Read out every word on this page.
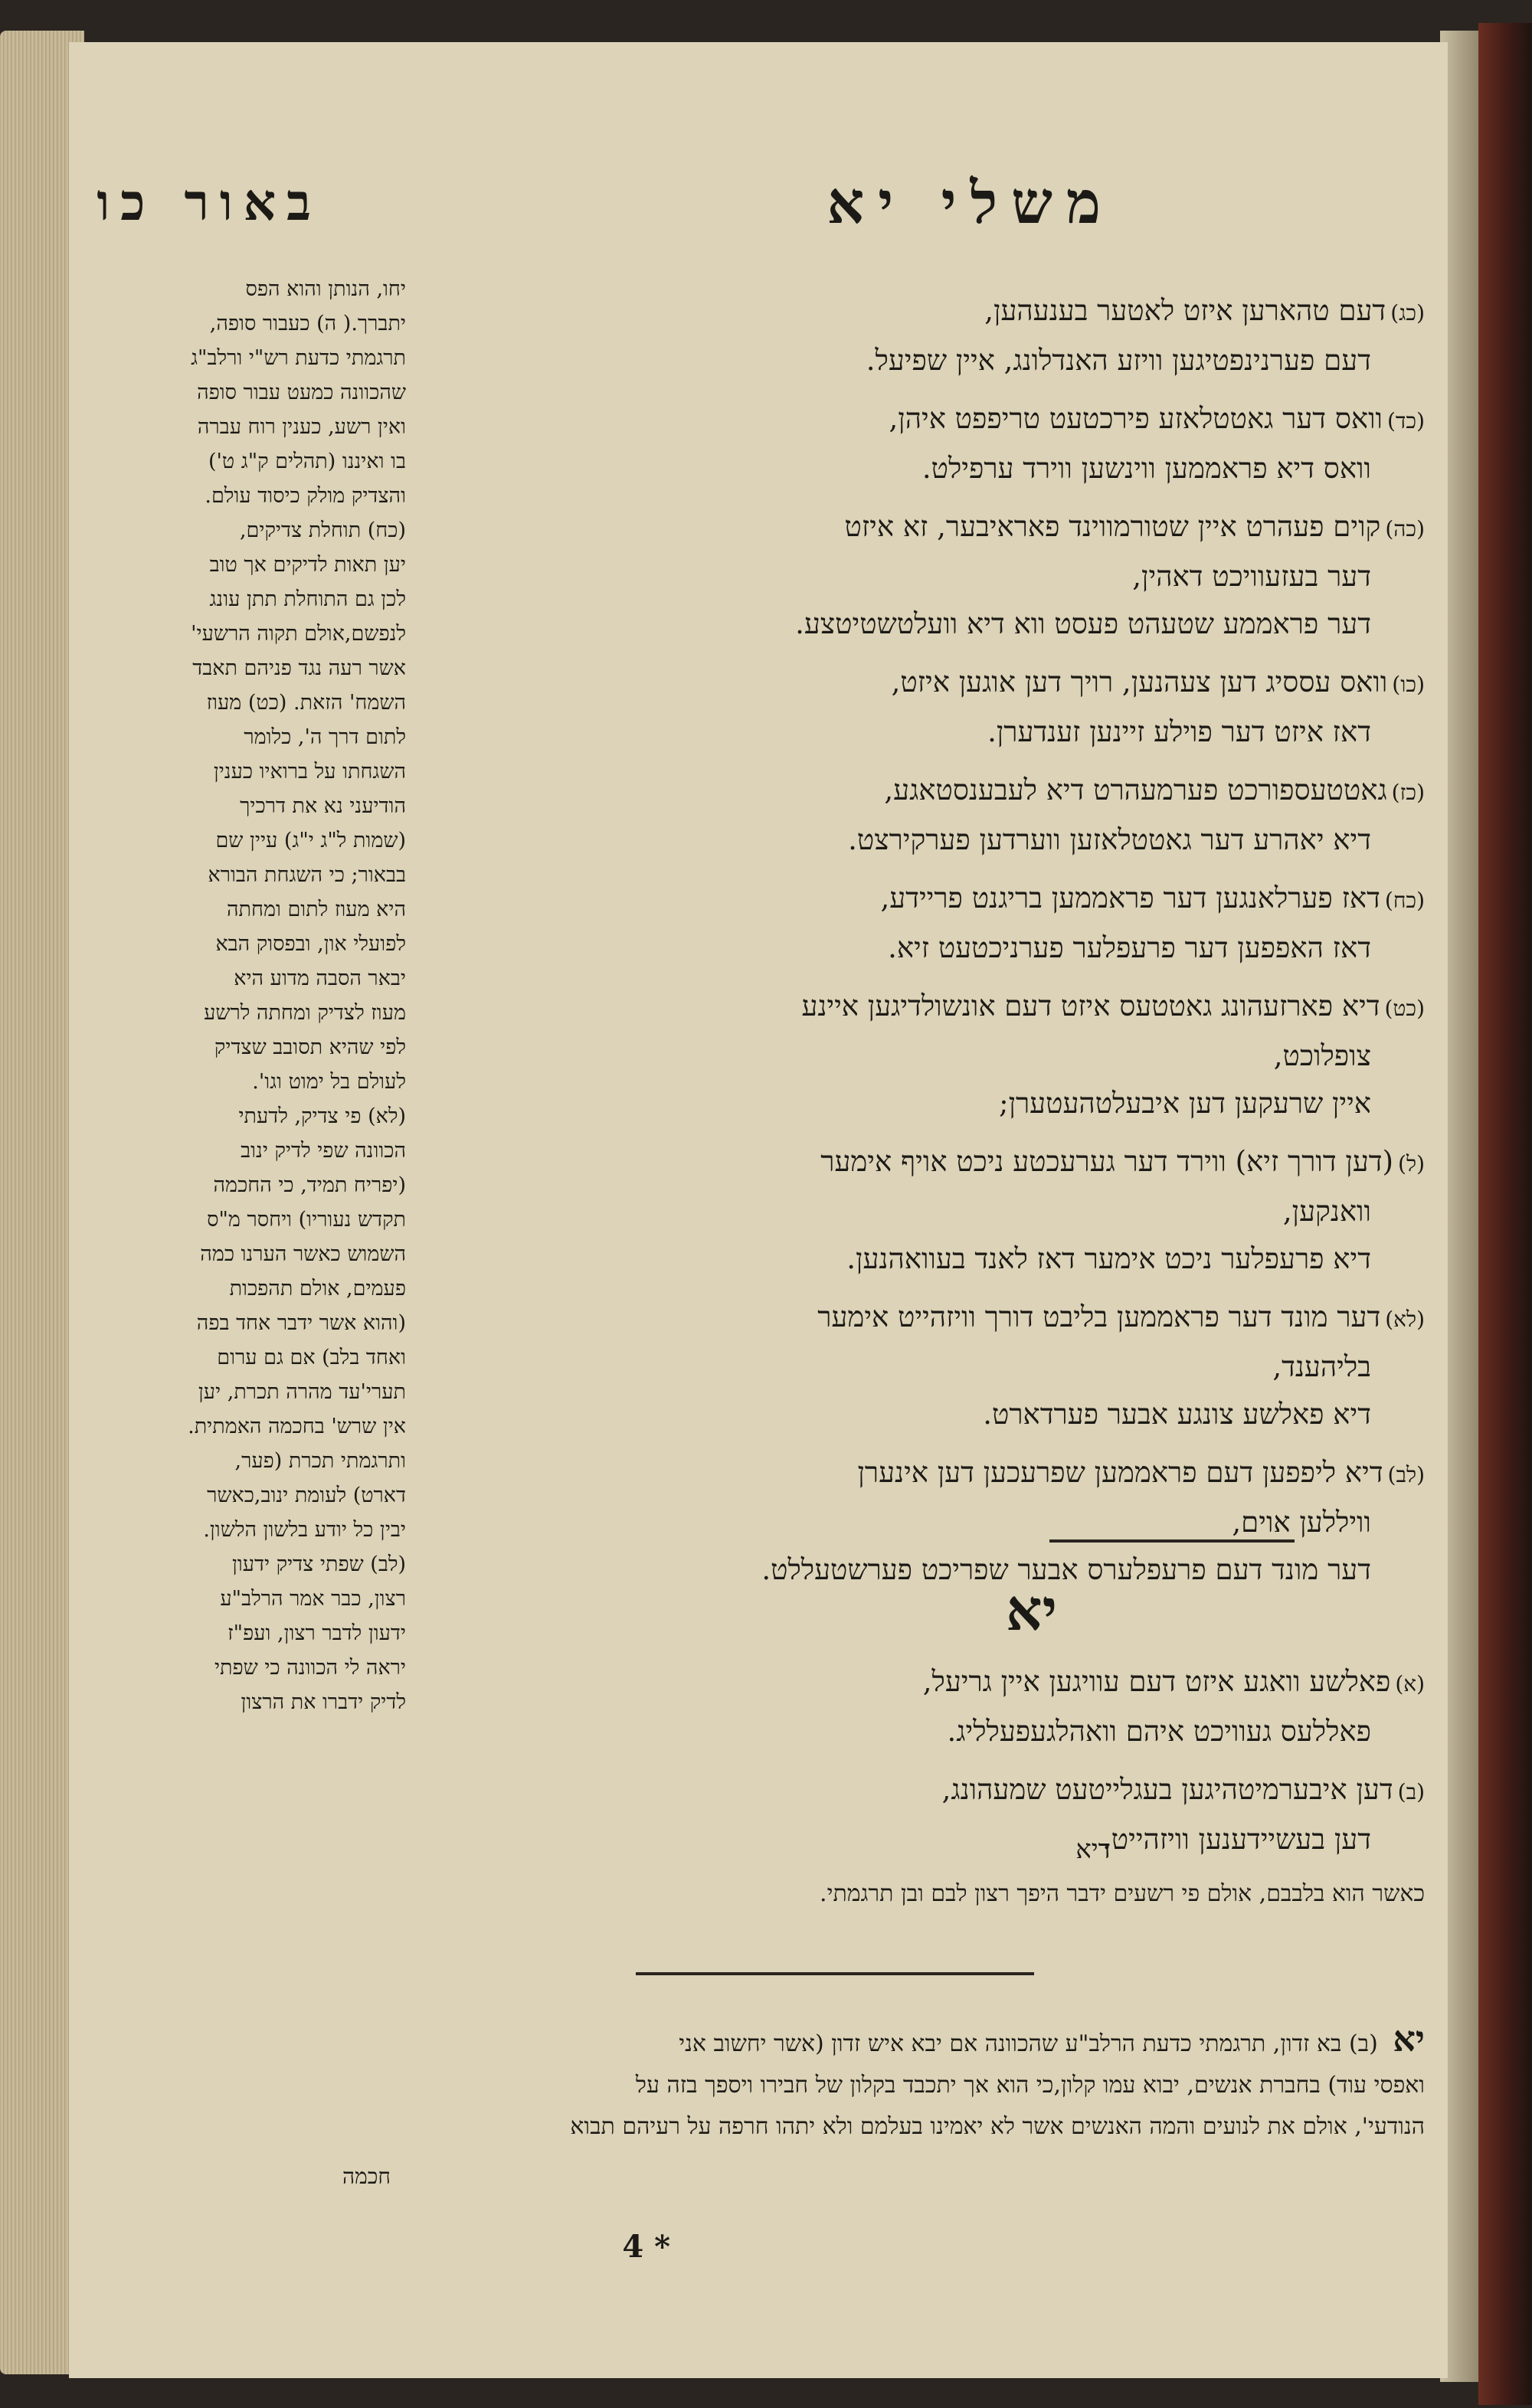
משלי יא
באור כו
(כג)דעם טהארען איזט לאטער בענעהען,
דעם פערנינפטיגען וויזע האנדלונג, איין שפיעל.
(כד)וואס דער גאטטלאזע פירכטעט טריפפט איהן,
וואס דיא פראממען ווינשען ווירד ערפילט.
(כה)קוים פעהרט איין שטורמווינד פאראיבער, זא איזט
דער בעזעוויכט דאהין,
דער פראממע שטעהט פעסט ווא דיא וועלטשטיטצע.
(כו)וואס עססיג דען צעהנען, רויך דען אוגען איזט,
דאז איזט דער פוילע זיינען זענדערן.
(כז)גאטטעספורכט פערמעהרט דיא לעבענסטאגע,
דיא יאהרע דער גאטטלאזען ווערדען פערקירצט.
(כח)דאז פערלאנגען דער פראממען בריגנט פריידע,
דאז האפפען דער פרעפלער פערניכטעט זיא.
(כט)דיא פארזעהונג גאטטעס איזט דעם אונשולדיגען איינע
צופלוכט,
איין שרעקען דען איבעלטהעטערן;
(ל)(דען דורך זיא) ווירד דער גערעכטע ניכט אויף אימער
וואנקען,
דיא פרעפלער ניכט אימער דאז לאנד בעוואהנען.
(לא)דער מונד דער פראממען בליבט דורך וויזהייט אימער
בליהענד,
דיא פאלשע צונגע אבער פערדארט.
(לב)דיא ליפפען דעם פראממען שפרעכען דען אינערן
וויללען אוים,
דער מונד דעם פרעפלערס אבער שפריכט פערשטעללט.
יחו, הנותן והוא הפס
יתברך.( ה) כעבור סופה,
תרגמתי כדעת רש"י ורלב"ג
שהכוונה כמעט עבור סופה
ואין רשע, כענין רוח עברה
בו ואיננו (תהלים ק"ג ט')
והצדיק מולק כיסוד עולם.
(כח) תוחלת צדיקים,
יען תאות לדיקים אך טוב
לכן גם התוחלת תתן עונג
לנפשם,אולם תקוה הרשעי'
אשר רעה נגד פניהם תאבד
השמח' הזאת. (כט) מעוז
לתום דרך ה', כלומר
השגחתו על ברואיו כענין
הודיעני נא את דרכיך
(שמות ל"ג י"ג) עיין שם
בבאור; כי השגחת הבורא
היא מעוז לתום ומחתה
לפועלי און, ובפסוק הבא
יבאר הסבה מדוע היא
מעוז לצדיק ומחתה לרשע
לפי שהיא תסובב שצדיק
לעולם בל ימוט וגו'.
(לא) פי צדיק, לדעתי
הכוונה שפי לדיק ינוב
(יפריח תמיד, כי החכמה
תקדש נעוריו) ויחסר מ"ס
השמוש כאשר הערנו כמה
פעמים, אולם תהפכות
(והוא אשר ידבר אחד בפה
ואחד בלב) אם גם ערום
תערי'עד מהרה תכרת, יען
אין שרש' בחכמה האמתית.
ותרגמתי תכרת (פער,
דארט) לעומת ינוב,כאשר
יבין כל יודע בלשון הלשון.
(לב) שפתי צדיק ידעון
רצון, כבר אמר הרלב"ע
ידעון לדבר רצון, ועפ"ז
יראה לי הכוונה כי שפתי
לדיק ידברו את הרצון
יא
(א)פאלשע וואגע איזט דעם עוויגען איין גריעל,
פאללעס געוויכט איהם וואהלגעפעלליג.
(ב)דען איבערמיטהיגען בעגלייטעט שמעהונג,
דען בעשיידענען וויזהייט.
דיא
כאשר הוא בלבבם, אולם פי רשעים ידבר היפך רצון לבם ובן תרגמתי.
יא (ב) בא זדון, תרגמתי כדעת הרלב"ע שהכוונה אם יבא איש זדון (אשר יחשוב אני
ואפסי עוד) בחברת אנשים, יבוא עמו קלון,כי הוא אך יתכבד בקלון של חבירו ויספך בזה על
הנודעי', אולם את לנועים והמה האנשים אשר לא יאמינו בעלמם ולא יתהו חרפה על רעיהם תבוא
חכמה
4 *
